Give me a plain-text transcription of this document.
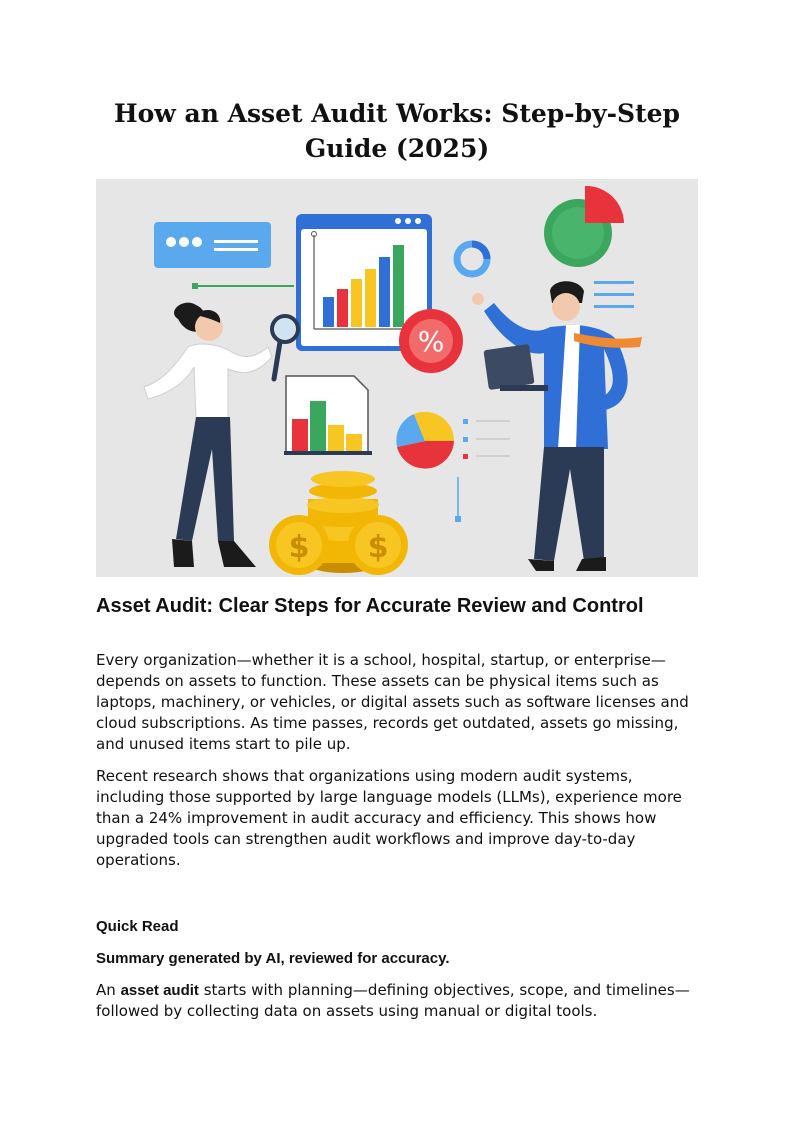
How an Asset Audit Works: Step-by-Step Guide (2025)
%
$ $
Asset Audit: Clear Steps for Accurate Review and Control

Every organization—whether it is a school, hospital, startup, or enterprise—depends on assets to function. These assets can be physical items such as laptops, machinery, or vehicles, or digital assets such as software licenses and cloud subscriptions. As time passes, records get outdated, assets go missing, and unused items start to pile up.

Recent research shows that organizations using modern audit systems, including those supported by large language models (LLMs), experience more than a 24% improvement in audit accuracy and efficiency. This shows how upgraded tools can strengthen audit workflows and improve day-to-day operations.

Quick Read
Summary generated by AI, reviewed for accuracy.

An asset audit starts with planning—defining objectives, scope, and timelines— followed by collecting data on assets using manual or digital tools.
